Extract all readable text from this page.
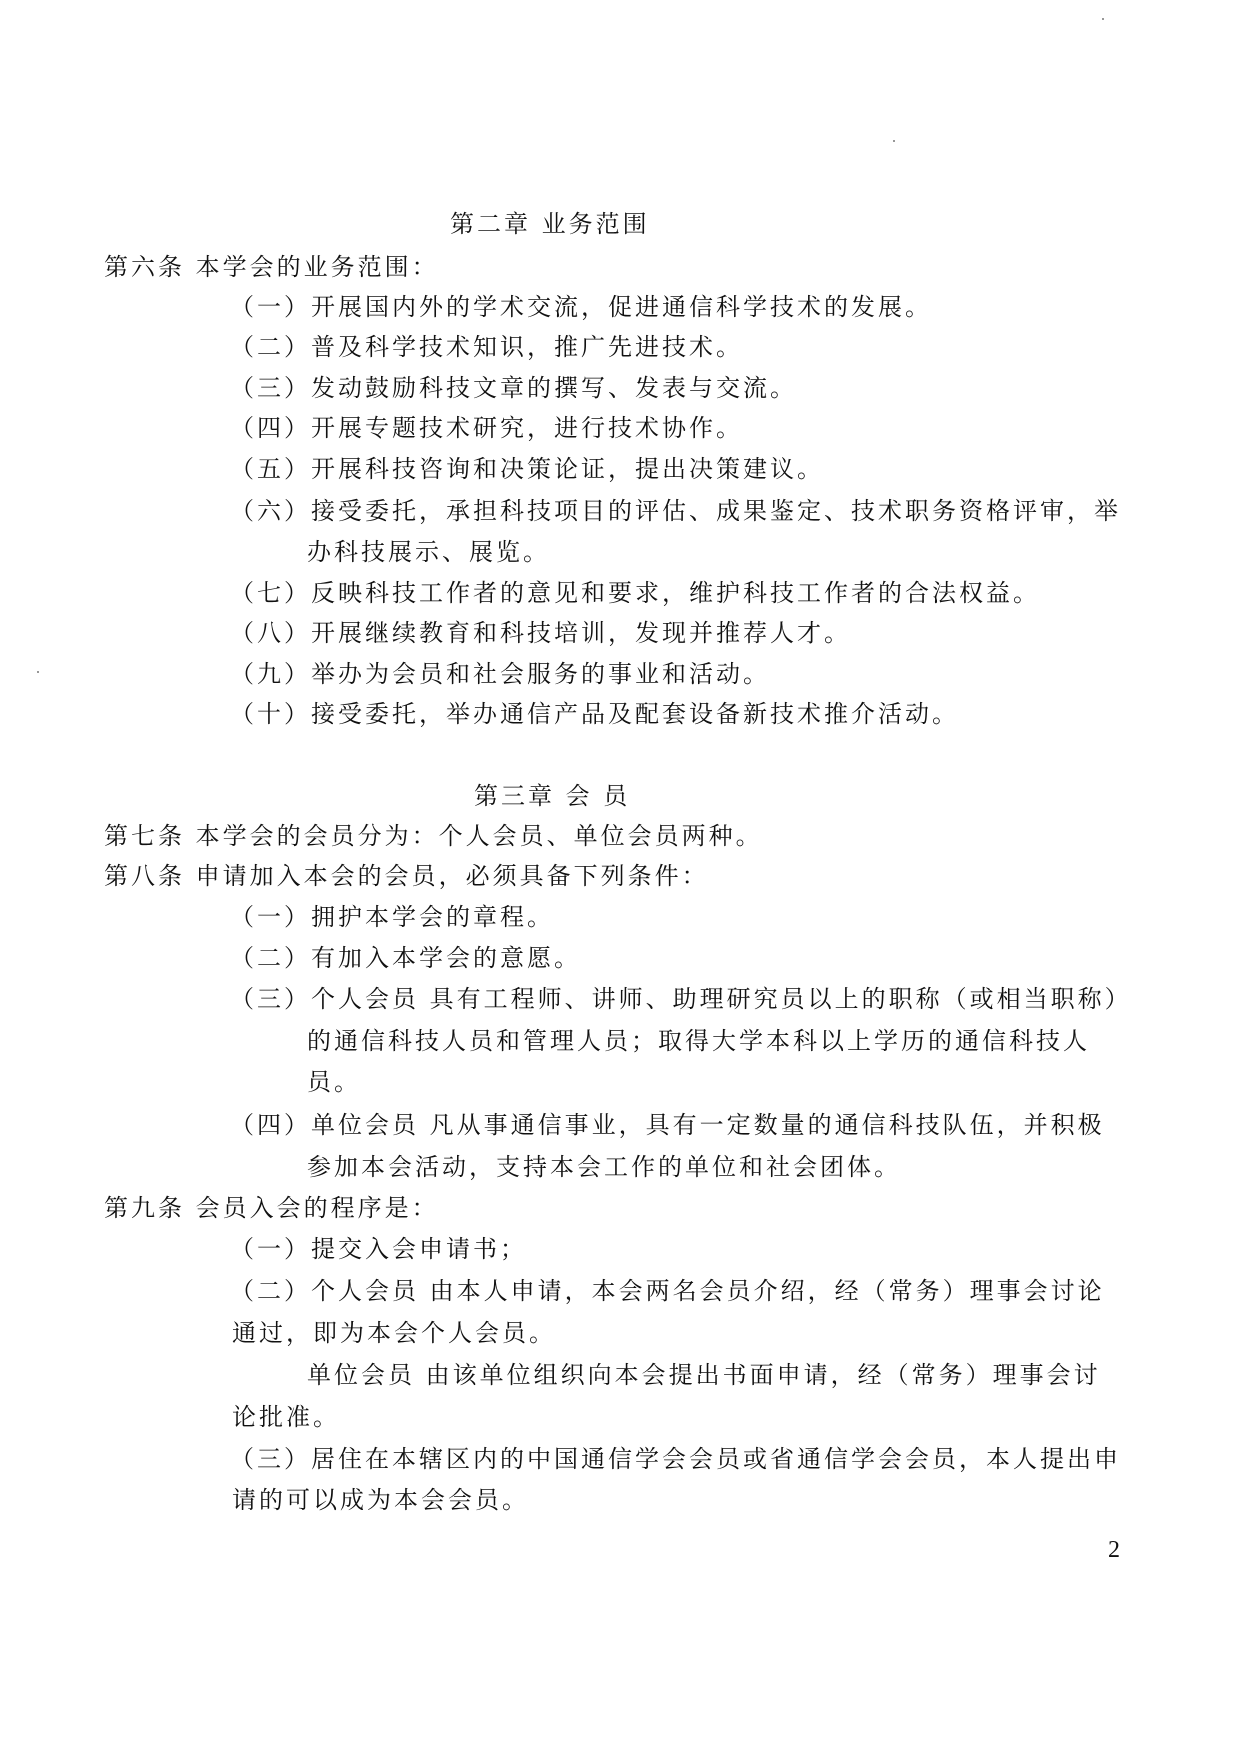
第二章 业务范围
第六条 本学会的业务范围：
（一）开展国内外的学术交流，促进通信科学技术的发展。
（二）普及科学技术知识，推广先进技术。
（三）发动鼓励科技文章的撰写、发表与交流。
（四）开展专题技术研究，进行技术协作。
（五）开展科技咨询和决策论证，提出决策建议。
（六）接受委托，承担科技项目的评估、成果鉴定、技术职务资格评审，举
办科技展示、展览。
（七）反映科技工作者的意见和要求，维护科技工作者的合法权益。
（八）开展继续教育和科技培训，发现并推荐人才。
（九）举办为会员和社会服务的事业和活动。
（十）接受委托，举办通信产品及配套设备新技术推介活动。
第三章 会 员
第七条 本学会的会员分为：个人会员、单位会员两种。
第八条 申请加入本会的会员，必须具备下列条件：
（一）拥护本学会的章程。
（二）有加入本学会的意愿。
（三）个人会员 具有工程师、讲师、助理研究员以上的职称（或相当职称）
的通信科技人员和管理人员；取得大学本科以上学历的通信科技人
员。
（四）单位会员 凡从事通信事业，具有一定数量的通信科技队伍，并积极
参加本会活动，支持本会工作的单位和社会团体。
第九条 会员入会的程序是：
（一）提交入会申请书；
（二）个人会员 由本人申请，本会两名会员介绍，经（常务）理事会讨论
通过，即为本会个人会员。
单位会员 由该单位组织向本会提出书面申请，经（常务）理事会讨
论批准。
（三）居住在本辖区内的中国通信学会会员或省通信学会会员，本人提出申
请的可以成为本会会员。
2
